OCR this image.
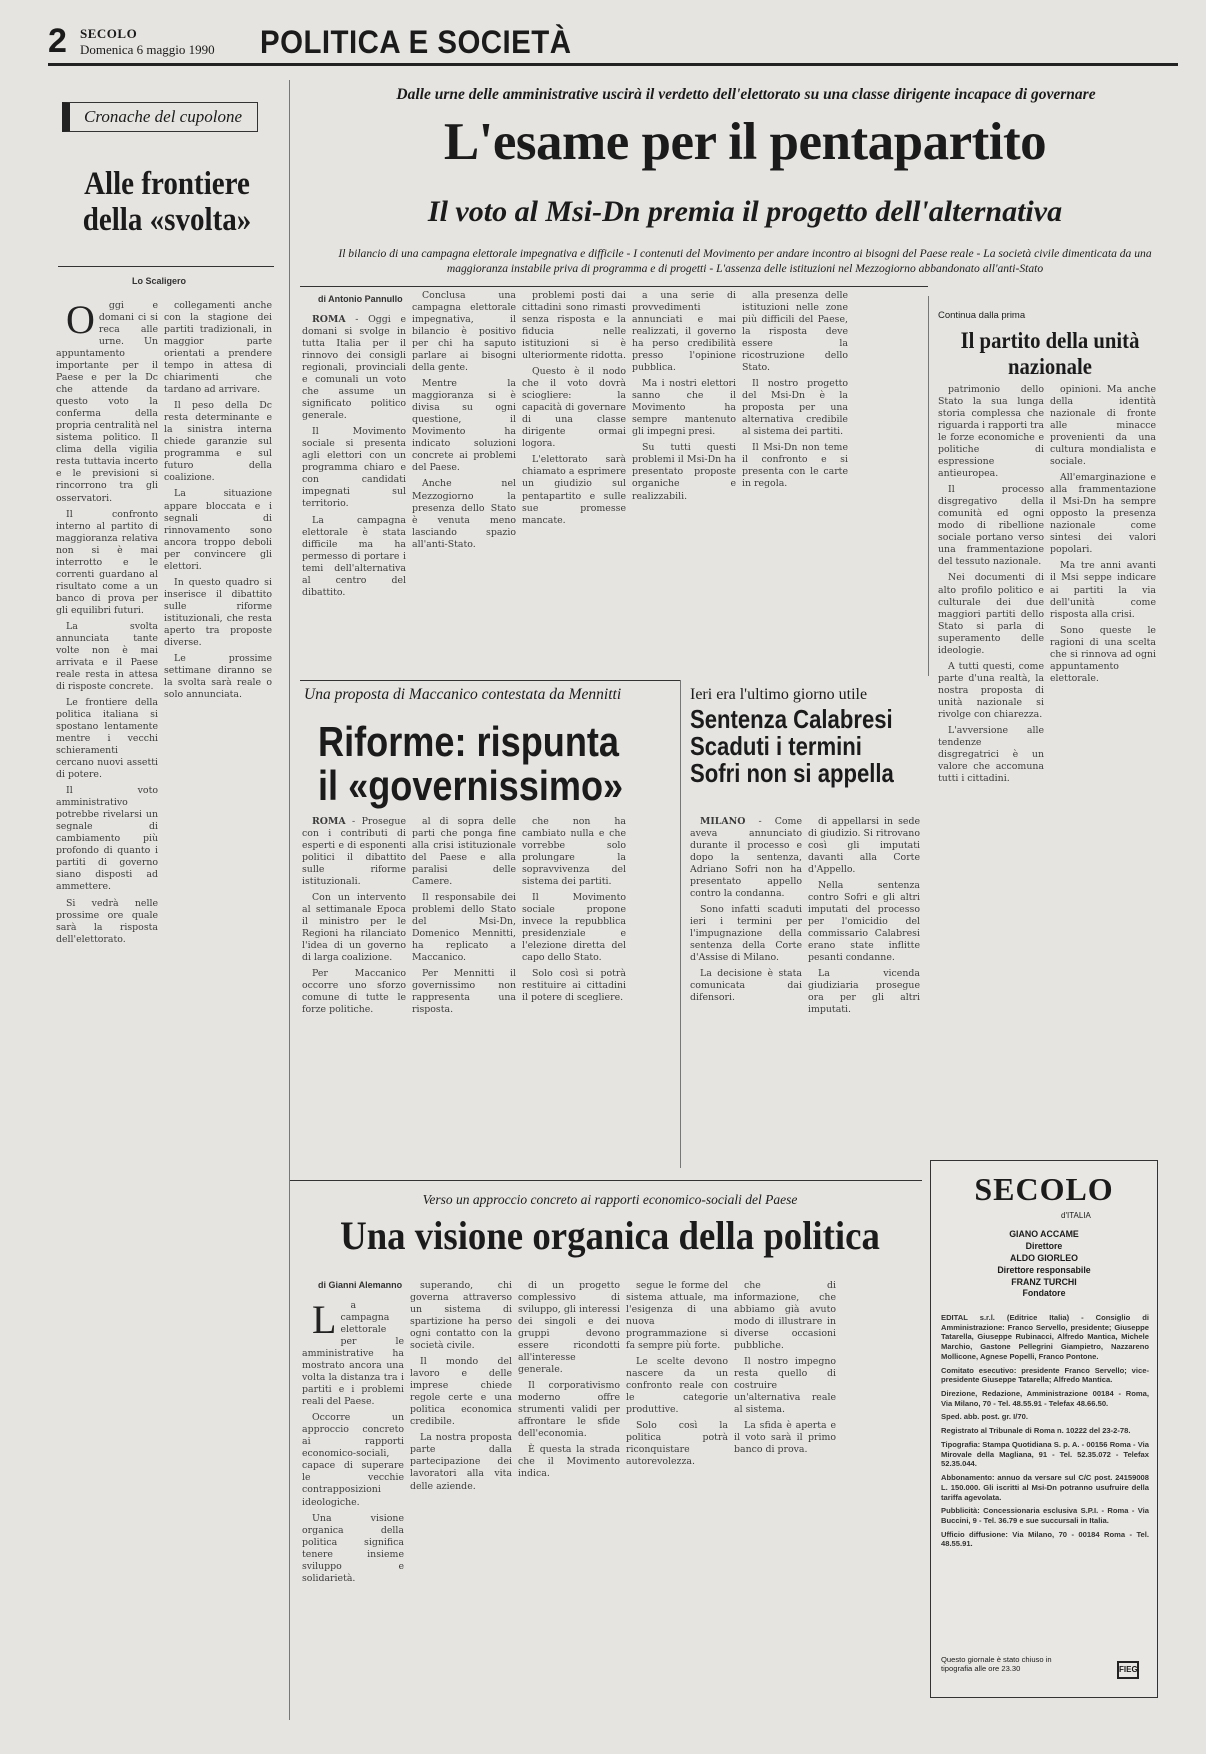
2 SECOLO
Domenica 6 maggio 1990 POLITICA E SOCIETÀ
Cronache del cupolone
Alle frontiere della «svolta»
Lo Scaligero

O ggi e domani ci si reca alle urne. Un appuntamento importante per il Paese e per la Dc che attende da questo voto la conferma della propria centralità nel sistema politico. Il clima della vigilia resta tuttavia incerto e le previsioni si rincorrono tra gli osservatori.

Il confronto interno al partito di maggioranza relativa non si è mai interrotto e le correnti guardano al risultato come a un banco di prova per gli equilibri futuri.

La svolta annunciata tante volte non è mai arrivata e il Paese reale resta in attesa di risposte concrete.

Le frontiere della politica italiana si spostano lentamente mentre i vecchi schieramenti cercano nuovi assetti di potere.

Il voto amministrativo potrebbe rivelarsi un segnale di cambiamento più profondo di quanto i partiti di governo siano disposti ad ammettere.

Si vedrà nelle prossime ore quale sarà la risposta dell'elettorato.

collegamenti anche con la stagione dei partiti tradizionali, in maggior parte orientati a prendere tempo in attesa di chiarimenti che tardano ad arrivare.

Il peso della Dc resta determinante e la sinistra interna chiede garanzie sul programma e sul futuro della coalizione.

La situazione appare bloccata e i segnali di rinnovamento sono ancora troppo deboli per convincere gli elettori.

In questo quadro si inserisce il dibattito sulle riforme istituzionali, che resta aperto tra proposte diverse.

Le prossime settimane diranno se la svolta sarà reale o solo annunciata.

Dalle urne delle amministrative uscirà il verdetto dell'elettorato su una classe dirigente incapace di governare
L'esame per il pentapartito
Il voto al Msi-Dn premia il progetto dell'alternativa
Il bilancio di una campagna elettorale impegnativa e difficile - I contenuti del Movimento per andare incontro ai bisogni del Paese reale - La società civile dimenticata da una maggioranza instabile priva di programma e di progetti - L'assenza delle istituzioni nel Mezzogiorno abbandonato all'anti-Stato
di Antonio Pannullo

ROMA - Oggi e domani si svolge in tutta Italia per il rinnovo dei consigli regionali, provinciali e comunali un voto che assume un significato politico generale.

Il Movimento sociale si presenta agli elettori con un programma chiaro e con candidati impegnati sul territorio.

La campagna elettorale è stata difficile ma ha permesso di portare i temi dell'alternativa al centro del dibattito.

Conclusa una campagna elettorale impegnativa, il bilancio è positivo per chi ha saputo parlare ai bisogni della gente.

Mentre la maggioranza si è divisa su ogni questione, il Movimento ha indicato soluzioni concrete ai problemi del Paese.

Anche nel Mezzogiorno la presenza dello Stato è venuta meno lasciando spazio all'anti-Stato.

problemi posti dai cittadini sono rimasti senza risposta e la fiducia nelle istituzioni si è ulteriormente ridotta.

Questo è il nodo che il voto dovrà sciogliere: la capacità di governare di una classe dirigente ormai logora.

L'elettorato sarà chiamato a esprimere un giudizio sul pentapartito e sulle sue promesse mancate.

a una serie di provvedimenti annunciati e mai realizzati, il governo ha perso credibilità presso l'opinione pubblica.

Ma i nostri elettori sanno che il Movimento ha sempre mantenuto gli impegni presi.

Su tutti questi problemi il Msi-Dn ha presentato proposte organiche e realizzabili.

alla presenza delle istituzioni nelle zone più difficili del Paese, la risposta deve essere la ricostruzione dello Stato.

Il nostro progetto del Msi-Dn è la proposta per una alternativa credibile al sistema dei partiti.

Il Msi-Dn non teme il confronto e si presenta con le carte in regola.

Continua dalla prima
Il partito della unità nazionale

patrimonio dello Stato la sua lunga storia complessa che riguarda i rapporti tra le forze economiche e politiche di espressione antieuropea.

Il processo disgregativo della comunità ed ogni modo di ribellione sociale portano verso una frammentazione del tessuto nazionale.

Nei documenti di alto profilo politico e culturale dei due maggiori partiti dello Stato si parla di superamento delle ideologie.

A tutti questi, come parte d'una realtà, la nostra proposta di unità nazionale si rivolge con chiarezza.

L'avversione alle tendenze disgregatrici è un valore che accomuna tutti i cittadini.

opinioni. Ma anche della identità nazionale di fronte alle minacce provenienti da una cultura mondialista e sociale.

All'emarginazione e alla frammentazione il Msi-Dn ha sempre opposto la presenza nazionale come sintesi dei valori popolari.

Ma tre anni avanti il Msi seppe indicare ai partiti la via dell'unità come risposta alla crisi.

Sono queste le ragioni di una scelta che si rinnova ad ogni appuntamento elettorale.

Una proposta di Maccanico contestata da Mennitti
Riforme: rispunta il «governissimo»

ROMA - Prosegue con i contributi di esperti e di esponenti politici il dibattito sulle riforme istituzionali.

Con un intervento al settimanale Epoca il ministro per le Regioni ha rilanciato l'idea di un governo di larga coalizione.

Per Maccanico occorre uno sforzo comune di tutte le forze politiche.

al di sopra delle parti che ponga fine alla crisi istituzionale del Paese e alla paralisi delle Camere.

Il responsabile dei problemi dello Stato del Msi-Dn, Domenico Mennitti, ha replicato a Maccanico.

Per Mennitti il governissimo non rappresenta una risposta.

che non ha cambiato nulla e che vorrebbe solo prolungare la sopravvivenza del sistema dei partiti.

Il Movimento sociale propone invece la repubblica presidenziale e l'elezione diretta del capo dello Stato.

Solo così si potrà restituire ai cittadini il potere di scegliere.

Ieri era l'ultimo giorno utile
Sentenza Calabresi Scaduti i termini Sofri non si appella

MILANO - Come aveva annunciato durante il processo e dopo la sentenza, Adriano Sofri non ha presentato appello contro la condanna.

Sono infatti scaduti ieri i termini per l'impugnazione della sentenza della Corte d'Assise di Milano.

La decisione è stata comunicata dai difensori.

di appellarsi in sede di giudizio. Si ritrovano così gli imputati davanti alla Corte d'Appello.

Nella sentenza contro Sofri e gli altri imputati del processo per l'omicidio del commissario Calabresi erano state inflitte pesanti condanne.

La vicenda giudiziaria prosegue ora per gli altri imputati.

Verso un approccio concreto ai rapporti economico-sociali del Paese
Una visione organica della politica
di Gianni Alemanno

L a campagna elettorale per le amministrative ha mostrato ancora una volta la distanza tra i partiti e i problemi reali del Paese.

Occorre un approccio concreto ai rapporti economico-sociali, capace di superare le vecchie contrapposizioni ideologiche.

Una visione organica della politica significa tenere insieme sviluppo e solidarietà.

superando, chi governa attraverso un sistema di spartizione ha perso ogni contatto con la società civile.

Il mondo del lavoro e delle imprese chiede regole certe e una politica economica credibile.

La nostra proposta parte dalla partecipazione dei lavoratori alla vita delle aziende.

di un progetto complessivo di sviluppo, gli interessi dei singoli e dei gruppi devono essere ricondotti all'interesse generale.

Il corporativismo moderno offre strumenti validi per affrontare le sfide dell'economia.

È questa la strada che il Movimento indica.

segue le forme del sistema attuale, ma l'esigenza di una nuova programmazione si fa sempre più forte.

Le scelte devono nascere da un confronto reale con le categorie produttive.

Solo così la politica potrà riconquistare autorevolezza.

che di informazione, che abbiamo già avuto modo di illustrare in diverse occasioni pubbliche.

Il nostro impegno resta quello di costruire un'alternativa reale al sistema.

La sfida è aperta e il voto sarà il primo banco di prova.

SECOLO
d'ITALIA
GIANO ACCAME
Direttore
ALDO GIORLEO
Direttore responsabile
FRANZ TURCHI
Fondatore

EDITAL s.r.l. (Editrice Italia) - Consiglio di Amministrazione: Franco Servello, presidente; Giuseppe Tatarella, Giuseppe Rubinacci, Alfredo Mantica, Michele Marchio, Gastone Pellegrini Giampietro, Nazzareno Mollicone, Agnese Popelli, Franco Pontone.

Comitato esecutivo: presidente Franco Servello; vice-presidente Giuseppe Tatarella; Alfredo Mantica.

Direzione, Redazione, Amministrazione 00184 - Roma, Via Milano, 70 - Tel. 48.55.91 - Telefax 48.66.50.

Sped. abb. post. gr. I/70.

Registrato al Tribunale di Roma n. 10222 del 23-2-78.

Tipografia: Stampa Quotidiana S. p. A. - 00156 Roma - Via Mirovale della Magliana, 91 - Tel. 52.35.072 - Telefax 52.35.044.

Abbonamento: annuo da versare sul C/C post. 24159008 L. 150.000. Gli iscritti al Msi-Dn potranno usufruire della tariffa agevolata.

Pubblicità: Concessionaria esclusiva S.P.I. - Roma - Via Buccini, 9 - Tel. 36.79 e sue succursali in Italia.

Ufficio diffusione: Via Milano, 70 - 00184 Roma - Tel. 48.55.91.

Questo giornale è stato chiuso in tipografia alle ore 23.30	FIEG
